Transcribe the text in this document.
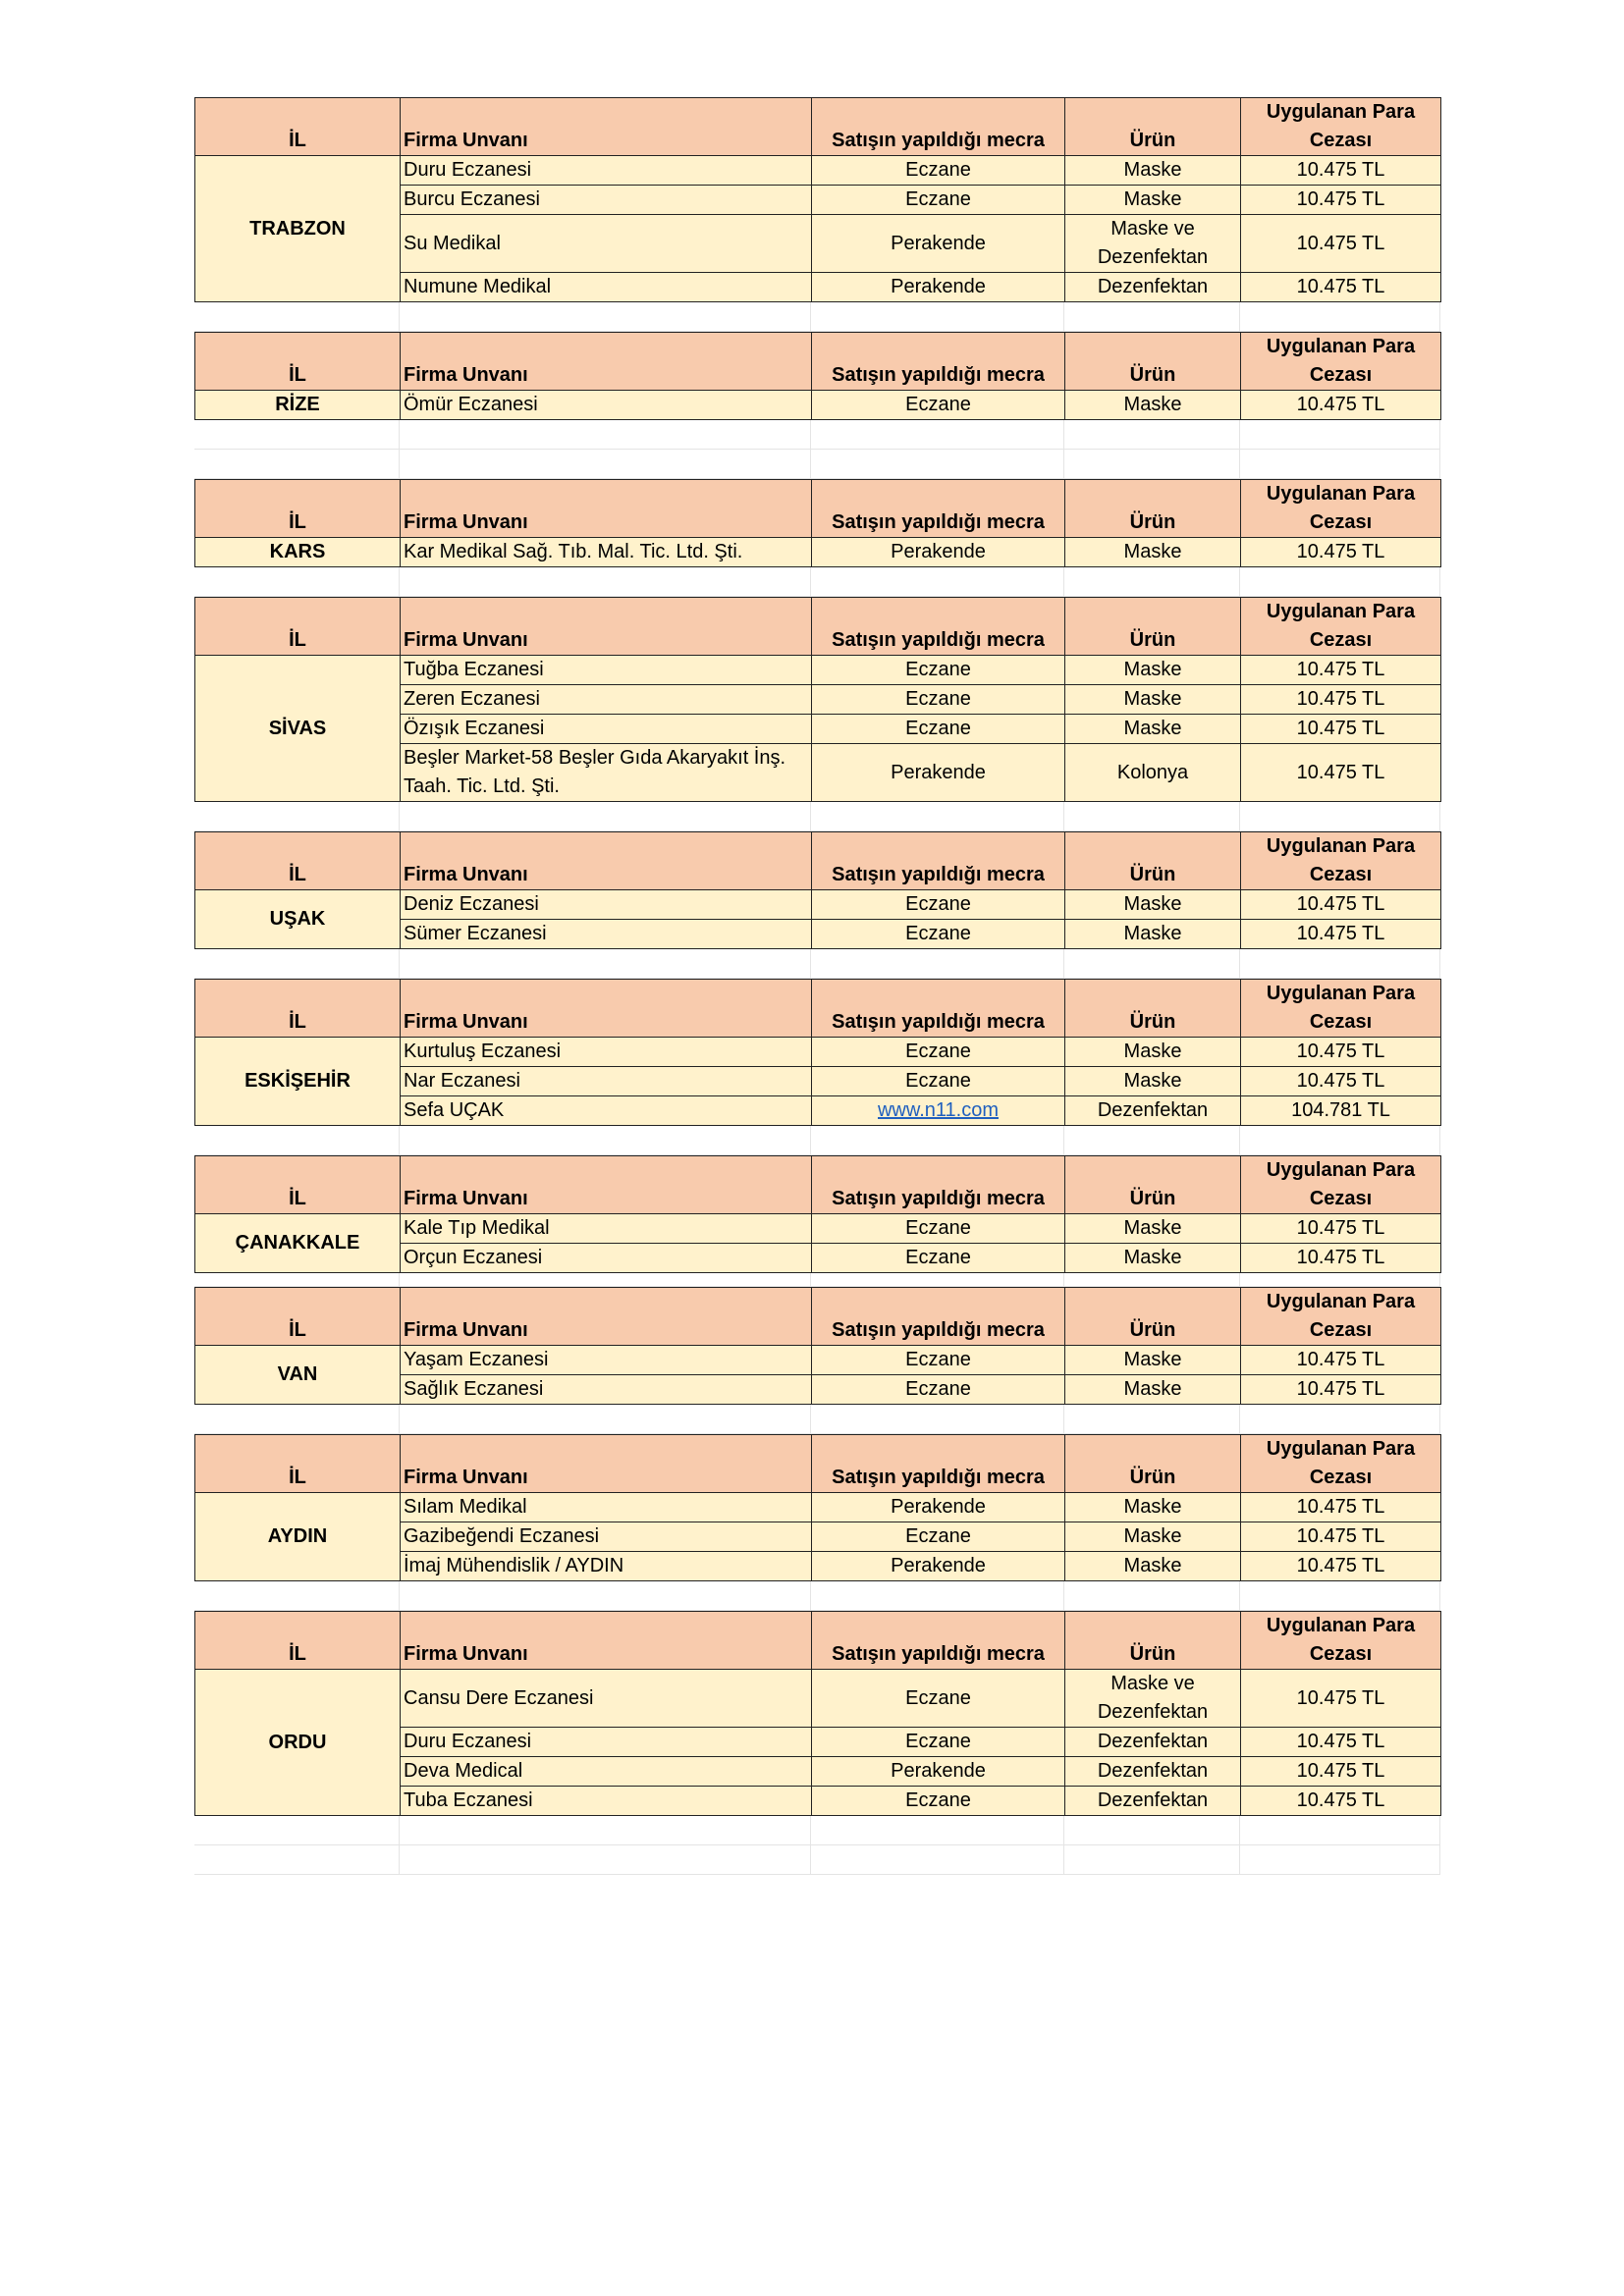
İL	Firma Unvanı	Satışın yapıldığı mecra	Ürün	Uygulanan Para Cezası
TRABZON	Duru Eczanesi	Eczane	Maske	10.475 TL
	Burcu Eczanesi	Eczane	Maske	10.475 TL
	Su Medikal	Perakende	Maske ve Dezenfektan	10.475 TL
	Numune Medikal	Perakende	Dezenfektan	10.475 TL
İL	Firma Unvanı	Satışın yapıldığı mecra	Ürün	Uygulanan Para Cezası
RİZE	Ömür Eczanesi	Eczane	Maske	10.475 TL
İL	Firma Unvanı	Satışın yapıldığı mecra	Ürün	Uygulanan Para Cezası
KARS	Kar Medikal Sağ. Tıb. Mal. Tic. Ltd. Şti.	Perakende	Maske	10.475 TL
İL	Firma Unvanı	Satışın yapıldığı mecra	Ürün	Uygulanan Para Cezası
SİVAS	Tuğba Eczanesi	Eczane	Maske	10.475 TL
	Zeren Eczanesi	Eczane	Maske	10.475 TL
	Özışık Eczanesi	Eczane	Maske	10.475 TL
	Beşler Market-58 Beşler Gıda Akaryakıt İnş. Taah. Tic. Ltd. Şti.	Perakende	Kolonya	10.475 TL
İL	Firma Unvanı	Satışın yapıldığı mecra	Ürün	Uygulanan Para Cezası
UŞAK	Deniz Eczanesi	Eczane	Maske	10.475 TL
	Sümer Eczanesi	Eczane	Maske	10.475 TL
İL	Firma Unvanı	Satışın yapıldığı mecra	Ürün	Uygulanan Para Cezası
ESKİŞEHİR	Kurtuluş Eczanesi	Eczane	Maske	10.475 TL
	Nar Eczanesi	Eczane	Maske	10.475 TL
	Sefa UÇAK	www.n11.com	Dezenfektan	104.781 TL
İL	Firma Unvanı	Satışın yapıldığı mecra	Ürün	Uygulanan Para Cezası
ÇANAKKALE	Kale Tıp Medikal	Eczane	Maske	10.475 TL
	Orçun Eczanesi	Eczane	Maske	10.475 TL
İL	Firma Unvanı	Satışın yapıldığı mecra	Ürün	Uygulanan Para Cezası
VAN	Yaşam Eczanesi	Eczane	Maske	10.475 TL
	Sağlık Eczanesi	Eczane	Maske	10.475 TL
İL	Firma Unvanı	Satışın yapıldığı mecra	Ürün	Uygulanan Para Cezası
AYDIN	Sılam Medikal	Perakende	Maske	10.475 TL
	Gazibeğendi Eczanesi	Eczane	Maske	10.475 TL
	İmaj Mühendislik / AYDIN	Perakende	Maske	10.475 TL
İL	Firma Unvanı	Satışın yapıldığı mecra	Ürün	Uygulanan Para Cezası
ORDU	Cansu Dere Eczanesi	Eczane	Maske ve Dezenfektan	10.475 TL
	Duru Eczanesi	Eczane	Dezenfektan	10.475 TL
	Deva Medical	Perakende	Dezenfektan	10.475 TL
	Tuba Eczanesi	Eczane	Dezenfektan	10.475 TL
